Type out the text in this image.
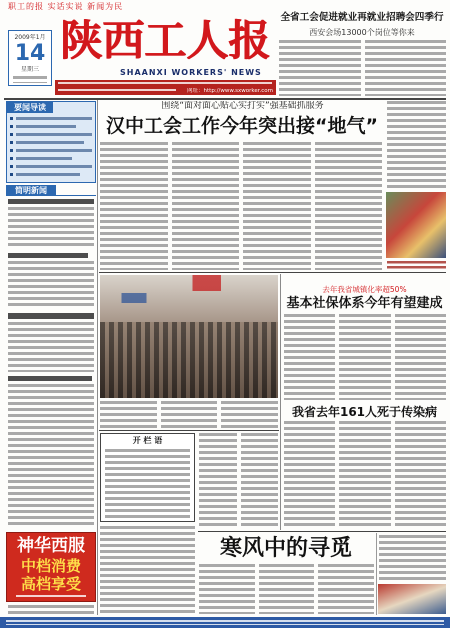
职工的报 实话实说 新闻为民
2009年1月
14
星期三
陕西工人报
SHAANXI WORKERS' NEWS
网址：http://www.sxworker.com
全省工会促进就业再就业招聘会四季行
西安会场13000个岗位等你来
要闻导读
简明新闻
神华西服
中档消费
高档享受
围绕“面对面心贴心实打实”强基础抓服务
汉中工会工作今年突出接“地气”
去年我省城镇化率超50%
基本社保体系今年有望建成
我省去年161人死于传染病
开 栏 语
寒风中的寻觅
